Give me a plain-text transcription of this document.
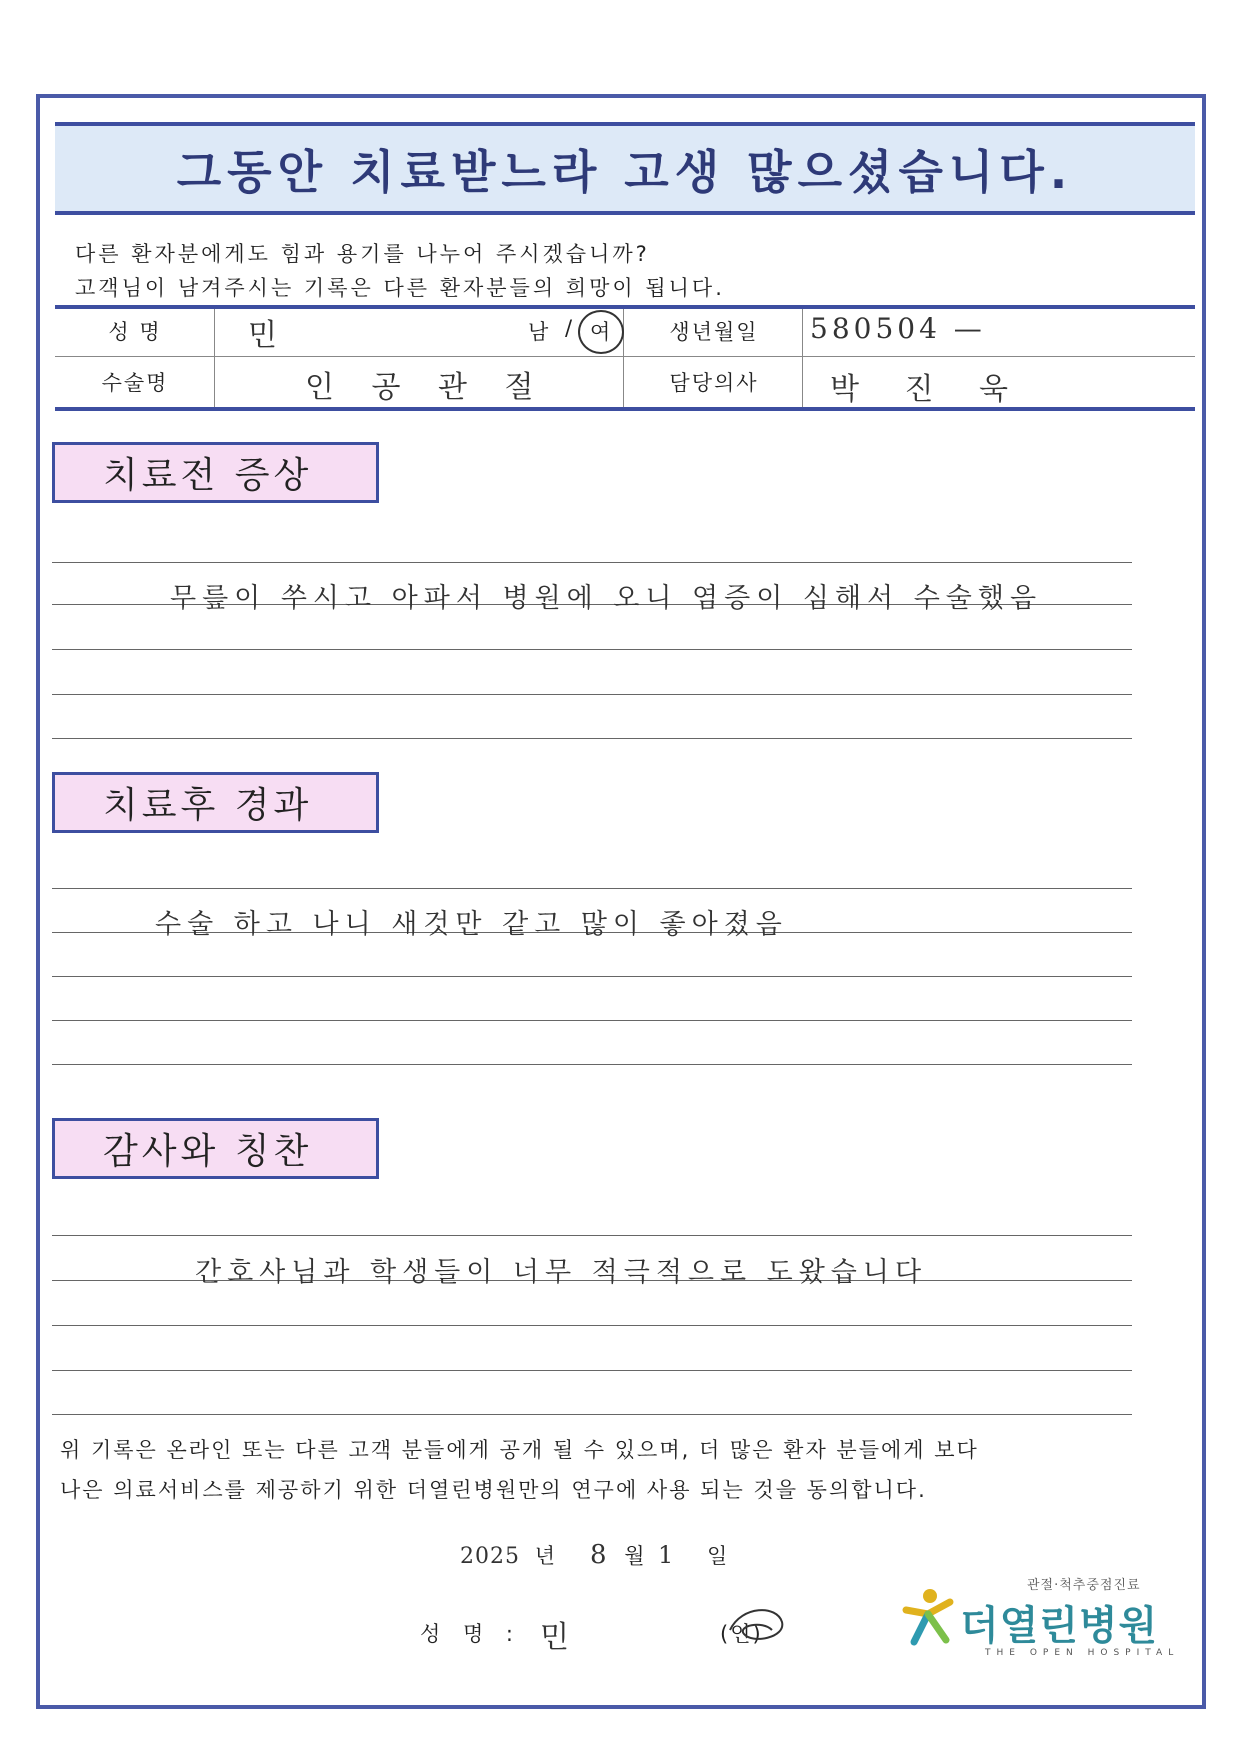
그동안 치료받느라 고생 많으셨습니다.
다른 환자분에게도 힘과 용기를 나누어 주시겠습니까?
고객님이 남겨주시는 기록은 다른 환자분들의 희망이 됩니다.
성 명	민	남 / 여	생년월일	580504 —
수술명	인 공 관 절	담당의사	박 진 욱
치료전 증상
무릎이 쑤시고 아파서 병원에 오니 염증이 심해서 수술했음
치료후 경과
수술 하고 나니 새것만 같고 많이 좋아졌음
감사와 칭찬
간호사님과 학생들이 너무 적극적으로 도왔습니다
위 기록은 온라인 또는 다른 고객 분들에게 공개 될 수 있으며, 더 많은 환자 분들에게 보다
나은 의료서비스를 제공하기 위한 더열린병원만의 연구에 사용 되는 것을 동의합니다.
2025 년 8 월 1 일
성 명 : 민	(인)
관절·척추중점진료
더열린병원
THE OPEN HOSPITAL
